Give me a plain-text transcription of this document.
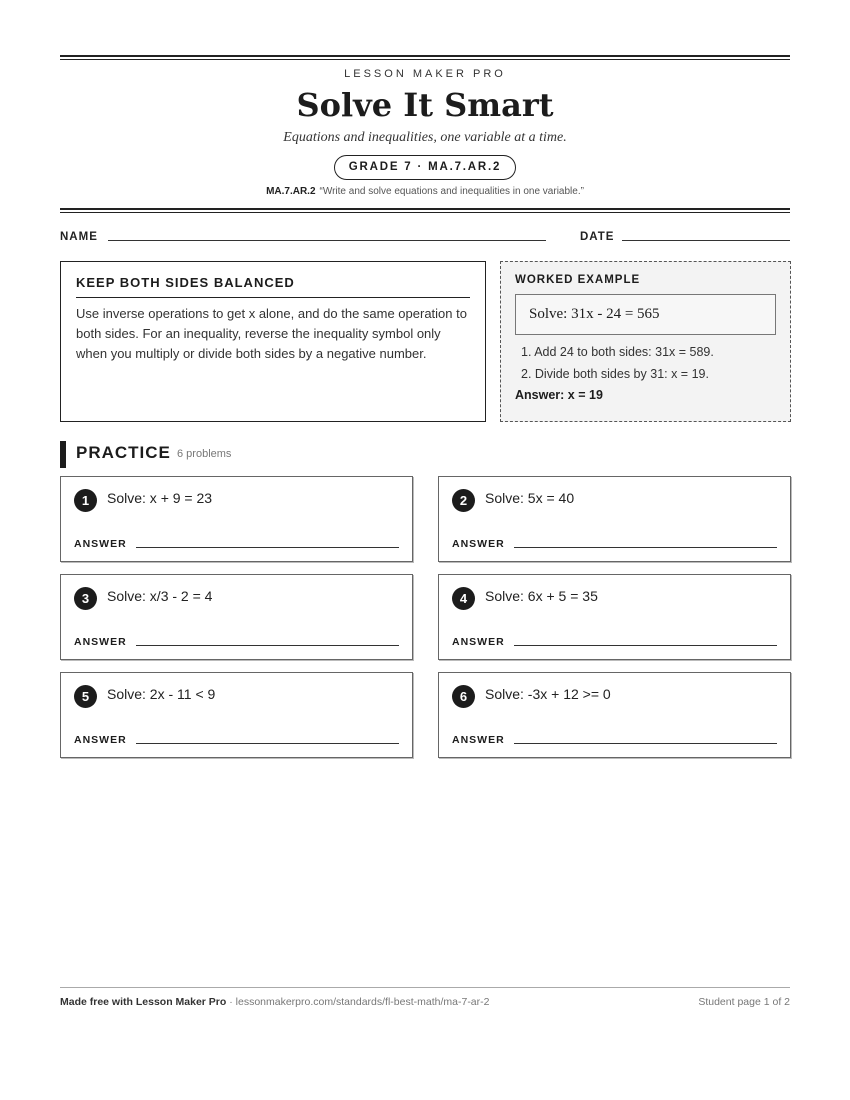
LESSON MAKER PRO
Solve It Smart
Equations and inequalities, one variable at a time.
GRADE 7 · MA.7.AR.2
MA.7.AR.2 “Write and solve equations and inequalities in one variable.”
NAME	DATE
KEEP BOTH SIDES BALANCED
Use inverse operations to get x alone, and do the same operation to both sides. For an inequality, reverse the inequality symbol only when you multiply or divide both sides by a negative number.
WORKED EXAMPLE
Solve: 31x - 24 = 565
1. Add 24 to both sides: 31x = 589.
2. Divide both sides by 31: x = 19.
Answer: x = 19
PRACTICE 6 problems
1	Solve: x + 9 = 23
ANSWER
2	Solve: 5x = 40
ANSWER
3	Solve: x/3 - 2 = 4
ANSWER
4	Solve: 6x + 5 = 35
ANSWER
5	Solve: 2x - 11 < 9
ANSWER
6	Solve: -3x + 12 >= 0
ANSWER
Made free with Lesson Maker Pro · lessonmakerpro.com/standards/fl-best-math/ma-7-ar-2	Student page 1 of 2
